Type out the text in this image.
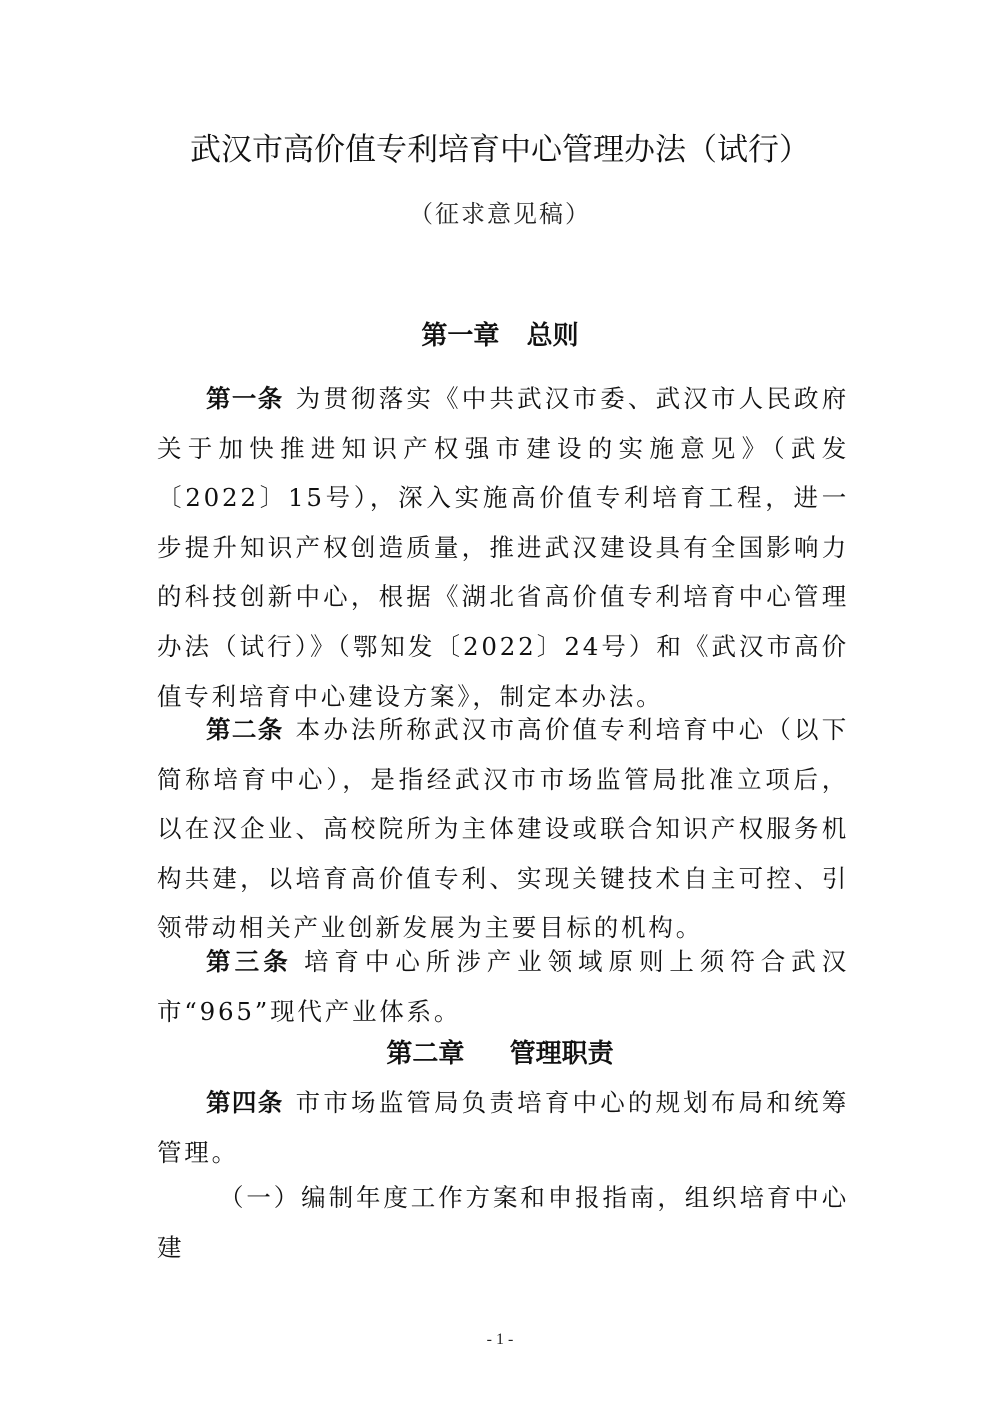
武汉市高价值专利培育中心管理办法（试行）
（征求意见稿）
第一章   总则

第一条 为贯彻落实《中共武汉市委、武汉市人民政府关于加快推进知识产权强市建设的实施意见》（武发〔2022〕15号），深入实施高价值专利培育工程，进一步提升知识产权创造质量，推进武汉建设具有全国影响力的科技创新中心，根据《湖北省高价值专利培育中心管理办法（试行）》（鄂知发〔2022〕24号）和《武汉市高价值专利培育中心建设方案》，制定本办法。

第二条 本办法所称武汉市高价值专利培育中心（以下简称培育中心），是指经武汉市市场监管局批准立项后，以在汉企业、高校院所为主体建设或联合知识产权服务机构共建，以培育高价值专利、实现关键技术自主可控、引领带动相关产业创新发展为主要目标的机构。

第三条 培育中心所涉产业领域原则上须符合武汉市“965”现代产业体系。

第二章     管理职责

第四条 市市场监管局负责培育中心的规划布局和统筹管理。

（一）编制年度工作方案和申报指南，组织培育中心建

- 1 -
